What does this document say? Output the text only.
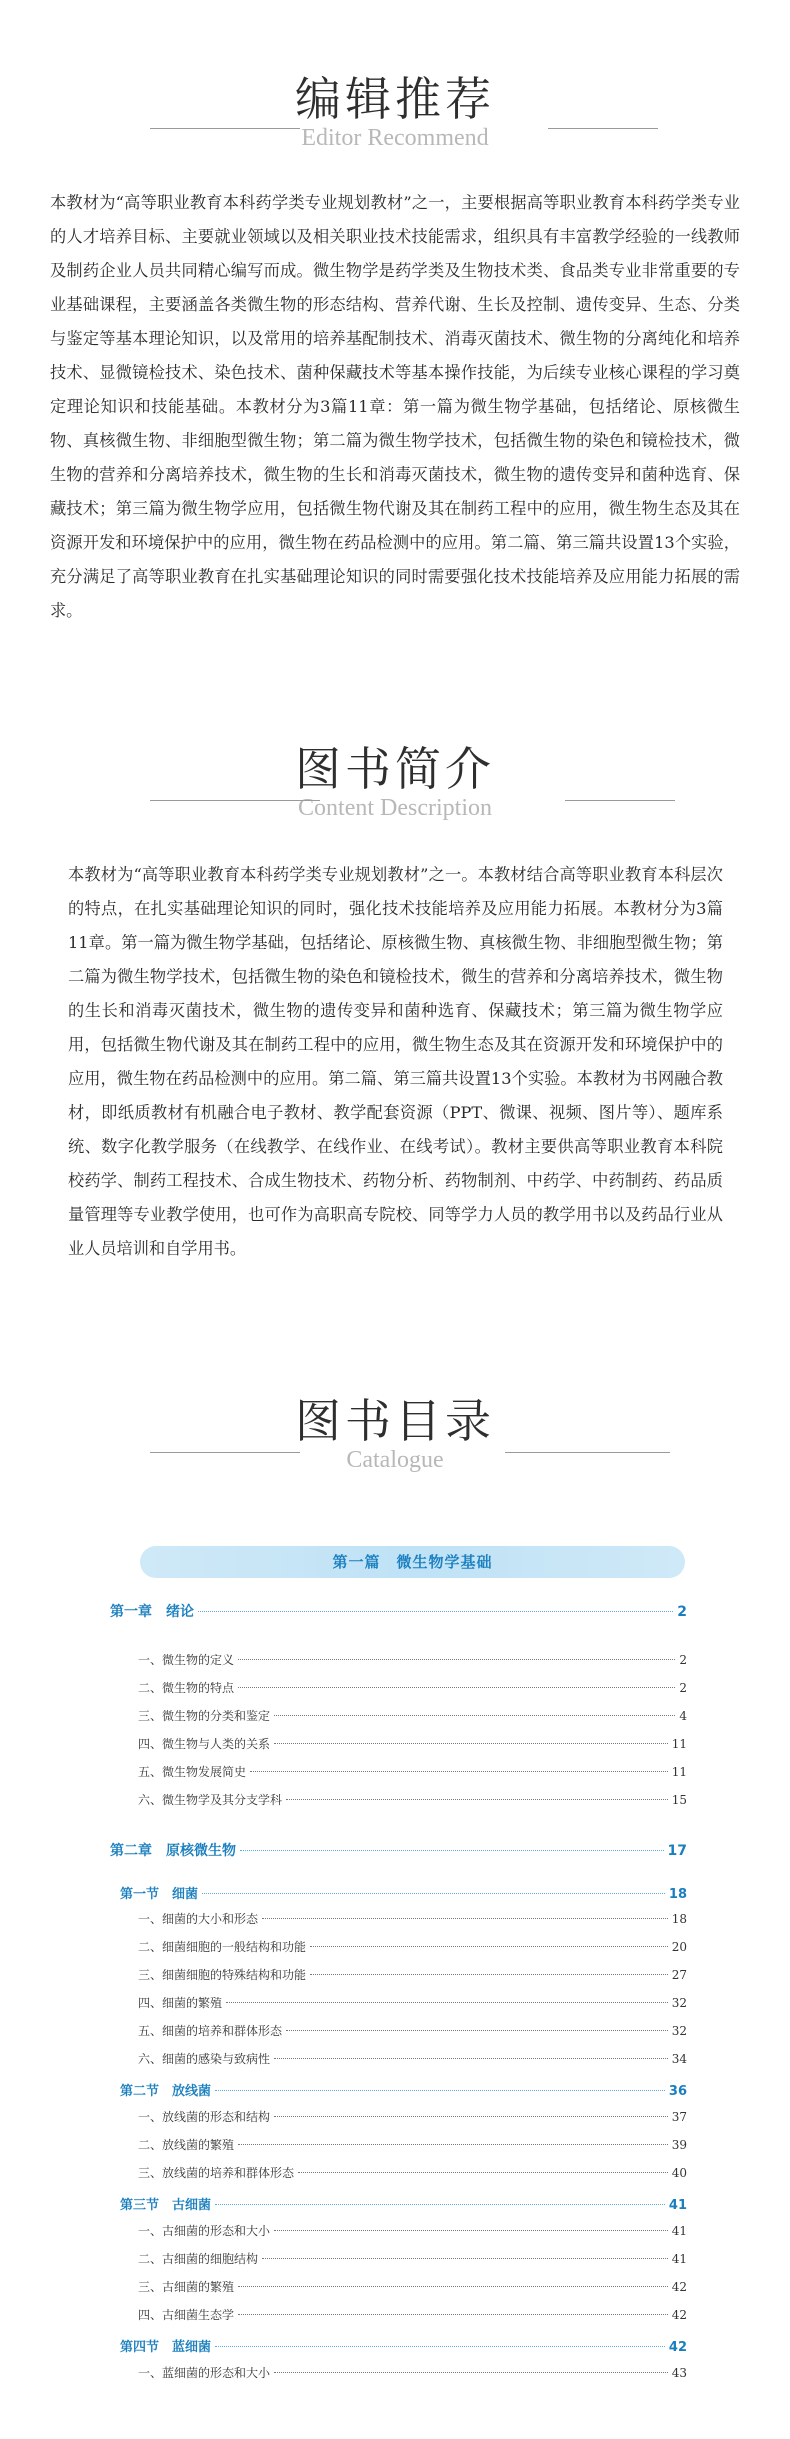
编辑推荐
Editor Recommend

本教材为“高等职业教育本科药学类专业规划教材”之一，主要根据高等职业教育本科药学类专业的人才培养目标、主要就业领域以及相关职业技术技能需求，组织具有丰富教学经验的一线教师及制药企业人员共同精心编写而成。微生物学是药学类及生物技术类、食品类专业非常重要的专业基础课程，主要涵盖各类微生物的形态结构、营养代谢、生长及控制、遗传变异、生态、分类与鉴定等基本理论知识，以及常用的培养基配制技术、消毒灭菌技术、微生物的分离纯化和培养技术、显微镜检技术、染色技术、菌种保藏技术等基本操作技能，为后续专业核心课程的学习奠定理论知识和技能基础。本教材分为3篇11章：第一篇为微生物学基础，包括绪论、原核微生物、真核微生物、非细胞型微生物；第二篇为微生物学技术，包括微生物的染色和镜检技术，微生物的营养和分离培养技术，微生物的生长和消毒灭菌技术，微生物的遗传变异和菌种选育、保藏技术；第三篇为微生物学应用，包括微生物代谢及其在制药工程中的应用，微生物生态及其在资源开发和环境保护中的应用，微生物在药品检测中的应用。第二篇、第三篇共设置13个实验，充分满足了高等职业教育在扎实基础理论知识的同时需要强化技术技能培养及应用能力拓展的需求。

图书简介
Content Description

本教材为“高等职业教育本科药学类专业规划教材”之一。本教材结合高等职业教育本科层次的特点，在扎实基础理论知识的同时，强化技术技能培养及应用能力拓展。本教材分为3篇11章。第一篇为微生物学基础，包括绪论、原核微生物、真核微生物、非细胞型微生物；第二篇为微生物学技术，包括微生物的染色和镜检技术，微生的营养和分离培养技术，微生物的生长和消毒灭菌技术，微生物的遗传变异和菌种选育、保藏技术；第三篇为微生物学应用，包括微生物代谢及其在制药工程中的应用，微生物生态及其在资源开发和环境保护中的应用，微生物在药品检测中的应用。第二篇、第三篇共设置13个实验。本教材为书网融合教材，即纸质教材有机融合电子教材、教学配套资源（PPT、微课、视频、图片等）、题库系统、数字化教学服务（在线教学、在线作业、在线考试）。教材主要供高等职业教育本科院校药学、制药工程技术、合成生物技术、药物分析、药物制剂、中药学、中药制药、药品质量管理等专业教学使用，也可作为高职高专院校、同等学力人员的教学用书以及药品行业从业人员培训和自学用书。

图书目录
Catalogue
第一篇　微生物学基础
第一章　绪论	2
一、微生物的定义	2
二、微生物的特点	2
三、微生物的分类和鉴定	4
四、微生物与人类的关系	11
五、微生物发展简史	11
六、微生物学及其分支学科	15
第二章　原核微生物	17
第一节　细菌	18
一、细菌的大小和形态	18
二、细菌细胞的一般结构和功能	20
三、细菌细胞的特殊结构和功能	27
四、细菌的繁殖	32
五、细菌的培养和群体形态	32
六、细菌的感染与致病性	34
第二节　放线菌	36
一、放线菌的形态和结构	37
二、放线菌的繁殖	39
三、放线菌的培养和群体形态	40
第三节　古细菌	41
一、古细菌的形态和大小	41
二、古细菌的细胞结构	41
三、古细菌的繁殖	42
四、古细菌生态学	42
第四节　蓝细菌	42
一、蓝细菌的形态和大小	43
